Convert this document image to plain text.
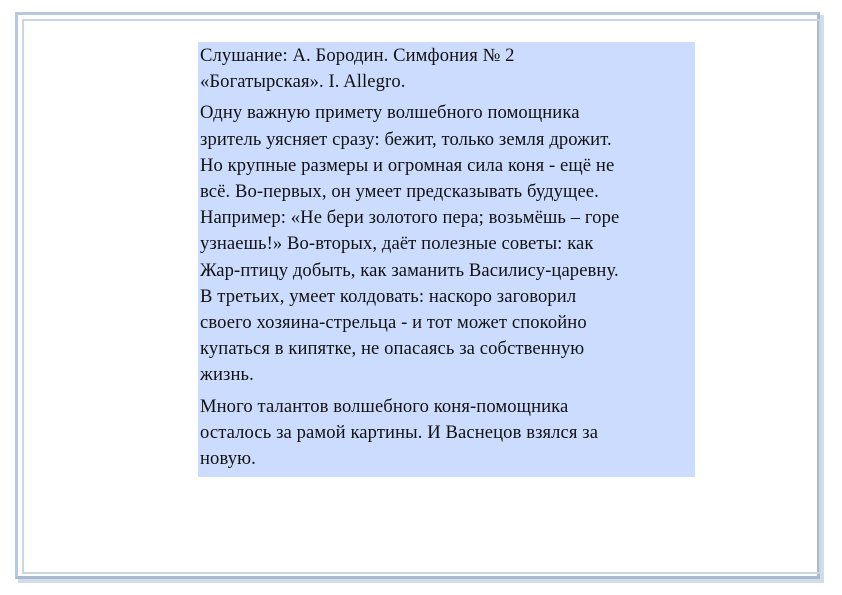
Слушание: А. Бородин. Симфония № 2
«Богатырская». I. Allegro.
Одну важную примету волшебного помощника
зритель уясняет сразу: бежит, только земля дрожит.
Но крупные размеры и огромная сила коня - ещё не
всё. Во-первых, он умеет предсказывать будущее.
Например: «Не бери золотого пера; возьмёшь – горе
узнаешь!» Во-вторых, даёт полезные советы: как
Жар-птицу добыть, как заманить Василису-царевну.
В третьих, умеет колдовать: наскоро заговорил
своего хозяина-стрельца - и тот может спокойно
купаться в кипятке, не опасаясь за собственную
жизнь.
Много талантов волшебного коня-помощника
осталось за рамой картины. И Васнецов взялся за
новую.
